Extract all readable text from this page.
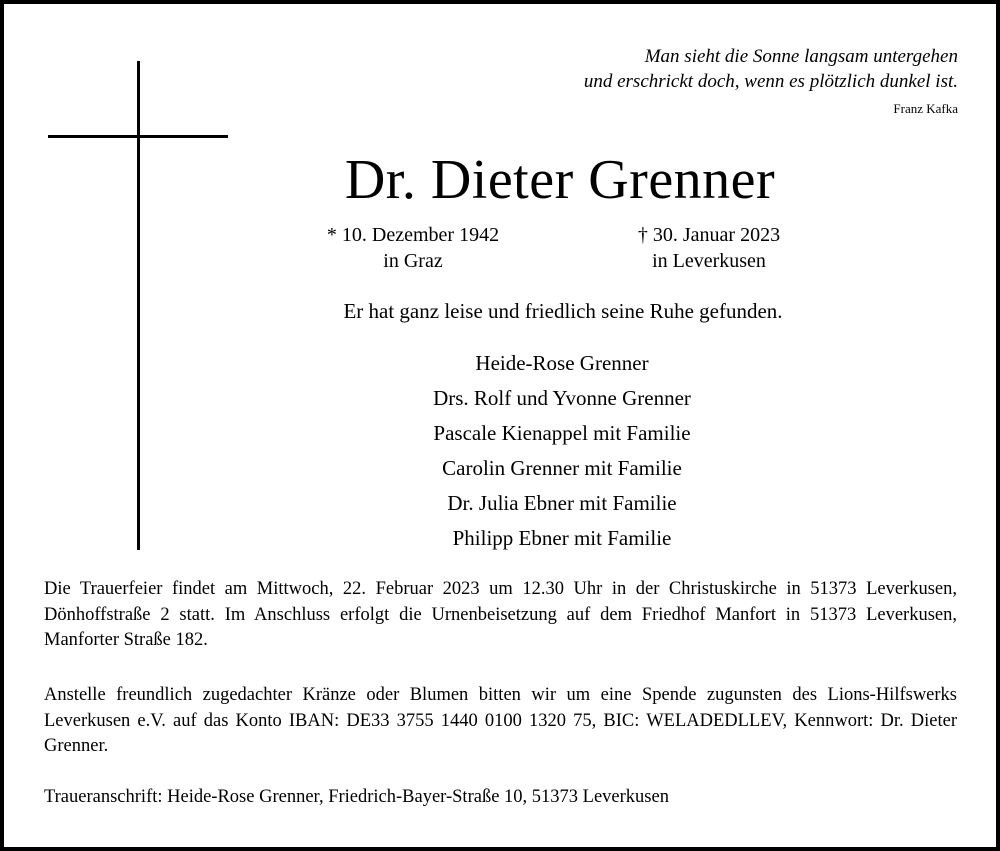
Man sieht die Sonne langsam untergehen
und erschrickt doch, wenn es plötzlich dunkel ist.
Franz Kafka
Dr. Dieter Grenner
* 10. Dezember 1942
in Graz
† 30. Januar 2023
in Leverkusen
Er hat ganz leise und friedlich seine Ruhe gefunden.
Heide-Rose Grenner
Drs. Rolf und Yvonne Grenner
Pascale Kienappel mit Familie
Carolin Grenner mit Familie
Dr. Julia Ebner mit Familie
Philipp Ebner mit Familie

Die Trauerfeier findet am Mittwoch, 22. Februar 2023 um 12.30 Uhr in der Christuskirche in 51373 Leverkusen, Dönhoffstraße 2 statt. Im Anschluss erfolgt die Urnenbeisetzung auf dem Friedhof Manfort in 51373 Leverkusen, Manforter Straße 182.

Anstelle freundlich zugedachter Kränze oder Blumen bitten wir um eine Spende zugunsten des Lions-Hilfswerks Leverkusen e.V. auf das Konto IBAN: DE33 3755 1440 0100 1320 75, BIC: WELADEDLLEV, Kennwort: Dr. Dieter Grenner.

Traueranschrift: Heide-Rose Grenner, Friedrich-Bayer-Straße 10, 51373 Leverkusen
